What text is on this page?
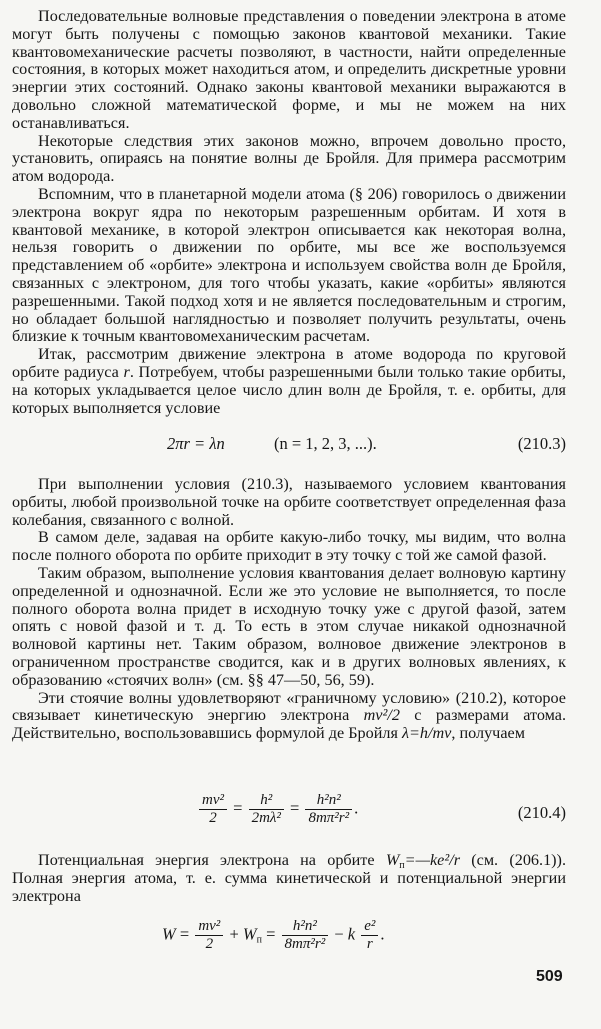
Последовательные волновые представления о поведении электрона в атоме могут быть получены с помощью законов квантовой механики. Такие квантовомеханические расчеты позволяют, в частности, найти определенные состояния, в которых может находиться атом, и определить дискретные уровни энергии этих состояний. Однако законы квантовой механики выражаются в довольно сложной математической форме, и мы не можем на них останавливаться.

Некоторые следствия этих законов можно, впрочем довольно просто, установить, опираясь на понятие волны де Бройля. Для примера рассмотрим атом водорода.

Вспомним, что в планетарной модели атома (§ 206) говорилось о движении электрона вокруг ядра по некоторым разрешенным орбитам. И хотя в квантовой механике, в которой электрон описывается как некоторая волна, нельзя говорить о движении по орбите, мы все же воспользуемся представлением об «орбите» электрона и используем свойства волн де Бройля, связанных с электроном, для того чтобы указать, какие «орбиты» являются разрешенными. Такой подход хотя и не является последовательным и строгим, но обладает большой наглядностью и позволяет получить результаты, очень близкие к точным квантовомеханическим расчетам.

Итак, рассмотрим движение электрона в атоме водорода по круговой орбите радиуса r. Потребуем, чтобы разрешенными были только такие орбиты, на которых укладывается целое число длин волн де Бройля, т. е. орбиты, для которых выполняется условие

2πr = λn	(n = 1, 2, 3, ...).	(210.3)

При выполнении условия (210.3), называемого условием квантования орбиты, любой произвольной точке на орбите соответствует определенная фаза колебания, связанного с волной.

В самом деле, задавая на орбите какую-либо точку, мы видим, что волна после полного оборота по орбите приходит в эту точку с той же самой фазой.

Таким образом, выполнение условия квантования делает волновую картину определенной и однозначной. Если же это условие не выполняется, то после полного оборота волна придет в исходную точку уже с другой фазой, затем опять с новой фазой и т. д. То есть в этом случае никакой однозначной волновой картины нет. Таким образом, волновое движение электронов в ограниченном пространстве сводится, как и в других волновых явлениях, к образованию «стоячих волн» (см. §§ 47—50, 56, 59).

Эти стоячие волны удовлетворяют «граничному условию» (210.2), которое связывает кинетическую энергию электрона mv²/2 с размерами атома. Действительно, воспользовавшись формулой де Бройля λ=h/mv, получаем

$\frac{\text{mv²}}{2} = \frac{\text{h²}}{\text{2mλ²}} = \frac{\text{h²n²}}{\text{8mπ²r²}}$ .	(210.4)

Потенциальная энергия электрона на орбите $W_п=—ke^2/r$ (см. (206.1)). Полная энергия атома, т. е. сумма кинетической и потенциальной энергии электрона

$W = \frac{\text{mv²}}{2} + W_п = \frac{\text{h²n²}}{\text{8mπ²r²}} - k \frac{\text{e²}}{r}$ .
509
